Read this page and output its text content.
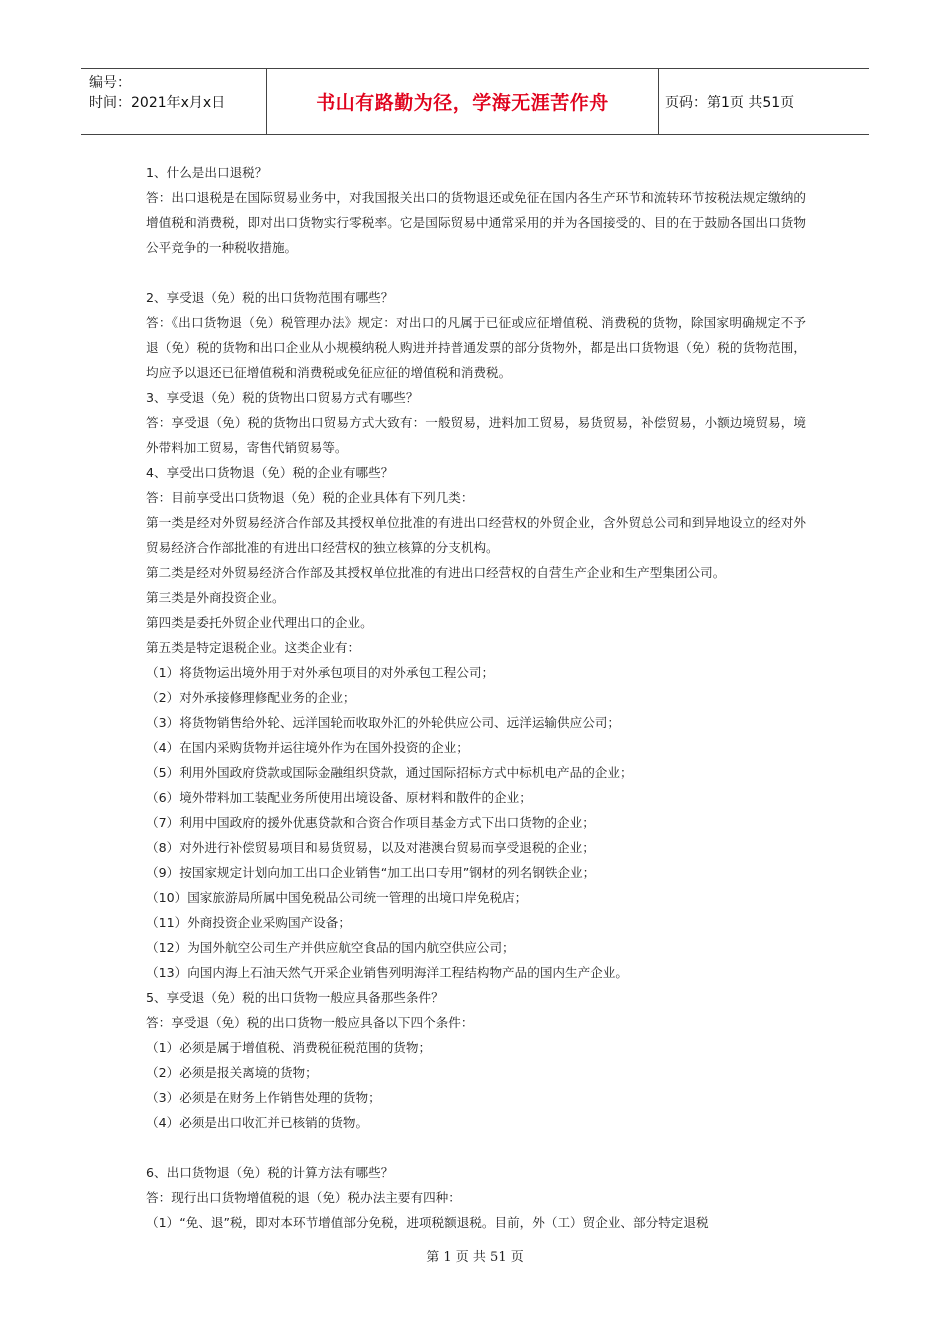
编号：
时间：2021年x月x日	书山有路勤为径，学海无涯苦作舟	页码：第1页 共51页

1、什么是出口退税？

答：出口退税是在国际贸易业务中，对我国报关出口的货物退还或免征在国内各生产环节和流转环节按税法规定缴纳的增值税和消费税，即对出口货物实行零税率。它是国际贸易中通常采用的并为各国接受的、目的在于鼓励各国出口货物公平竞争的一种税收措施。

2、享受退（免）税的出口货物范围有哪些？

答：《出口货物退（免）税管理办法》规定：对出口的凡属于已征或应征增值税、消费税的货物，除国家明确规定不予退（免）税的货物和出口企业从小规模纳税人购进并持普通发票的部分货物外，都是出口货物退（免）税的货物范围，均应予以退还已征增值税和消费税或免征应征的增值税和消费税。

3、享受退（免）税的货物出口贸易方式有哪些？

答：享受退（免）税的货物出口贸易方式大致有：一般贸易，进料加工贸易，易货贸易，补偿贸易，小额边境贸易，境外带料加工贸易，寄售代销贸易等。

4、享受出口货物退（免）税的企业有哪些？

答：目前享受出口货物退（免）税的企业具体有下列几类：

第一类是经对外贸易经济合作部及其授权单位批准的有进出口经营权的外贸企业，含外贸总公司和到异地设立的经对外贸易经济合作部批准的有进出口经营权的独立核算的分支机构。

第二类是经对外贸易经济合作部及其授权单位批准的有进出口经营权的自营生产企业和生产型集团公司。

第三类是外商投资企业。

第四类是委托外贸企业代理出口的企业。

第五类是特定退税企业。这类企业有：

（1）将货物运出境外用于对外承包项目的对外承包工程公司；

（2）对外承接修理修配业务的企业；

（3）将货物销售给外轮、远洋国轮而收取外汇的外轮供应公司、远洋运输供应公司；

（4）在国内采购货物并运往境外作为在国外投资的企业；

（5）利用外国政府贷款或国际金融组织贷款，通过国际招标方式中标机电产品的企业；

（6）境外带料加工装配业务所使用出境设备、原材料和散件的企业；

（7）利用中国政府的援外优惠贷款和合资合作项目基金方式下出口货物的企业；

（8）对外进行补偿贸易项目和易货贸易，以及对港澳台贸易而享受退税的企业；

（9）按国家规定计划向加工出口企业销售“加工出口专用”钢材的列名钢铁企业；

（10）国家旅游局所属中国免税品公司统一管理的出境口岸免税店；

（11）外商投资企业采购国产设备；

（12）为国外航空公司生产并供应航空食品的国内航空供应公司；

（13）向国内海上石油天然气开采企业销售列明海洋工程结构物产品的国内生产企业。

5、享受退（免）税的出口货物一般应具备那些条件？

答：享受退（免）税的出口货物一般应具备以下四个条件：

（1）必须是属于增值税、消费税征税范围的货物；

（2）必须是报关离境的货物；

（3）必须是在财务上作销售处理的货物；

（4）必须是出口收汇并已核销的货物。

6、出口货物退（免）税的计算方法有哪些？

答：现行出口货物增值税的退（免）税办法主要有四种：

（1）“免、退”税，即对本环节增值部分免税，进项税额退税。目前，外（工）贸企业、部分特定退税

第 1 页 共 51 页
